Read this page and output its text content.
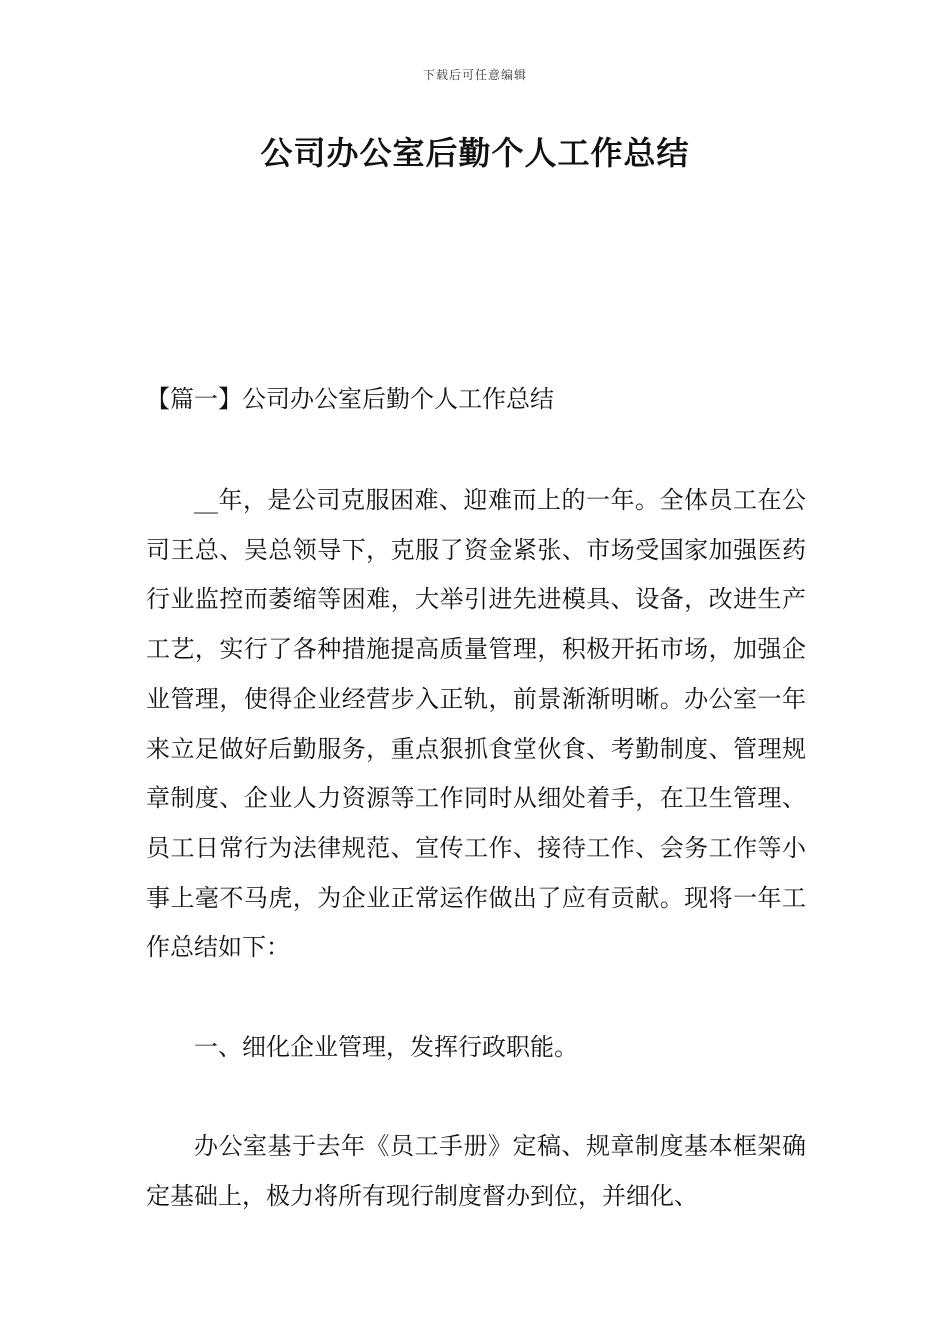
下载后可任意编辑
公司办公室后勤个人工作总结
【篇一】公司办公室后勤个人工作总结

__年，是公司克服困难、迎难而上的一年。全体员工在公司王总、吴总领导下，克服了资金紧张、市场受国家加强医药行业监控而萎缩等困难，大举引进先进模具、设备，改进生产工艺，实行了各种措施提高质量管理，积极开拓市场，加强企业管理，使得企业经营步入正轨，前景渐渐明晰。办公室一年来立足做好后勤服务，重点狠抓食堂伙食、考勤制度、管理规章制度、企业人力资源等工作同时从细处着手，在卫生管理、员工日常行为法律规范、宣传工作、接待工作、会务工作等小事上毫不马虎，为企业正常运作做出了应有贡献。现将一年工作总结如下：

一、细化企业管理，发挥行政职能。

办公室基于去年《员工手册》定稿、规章制度基本框架确定基础上，极力将所有现行制度督办到位，并细化、
